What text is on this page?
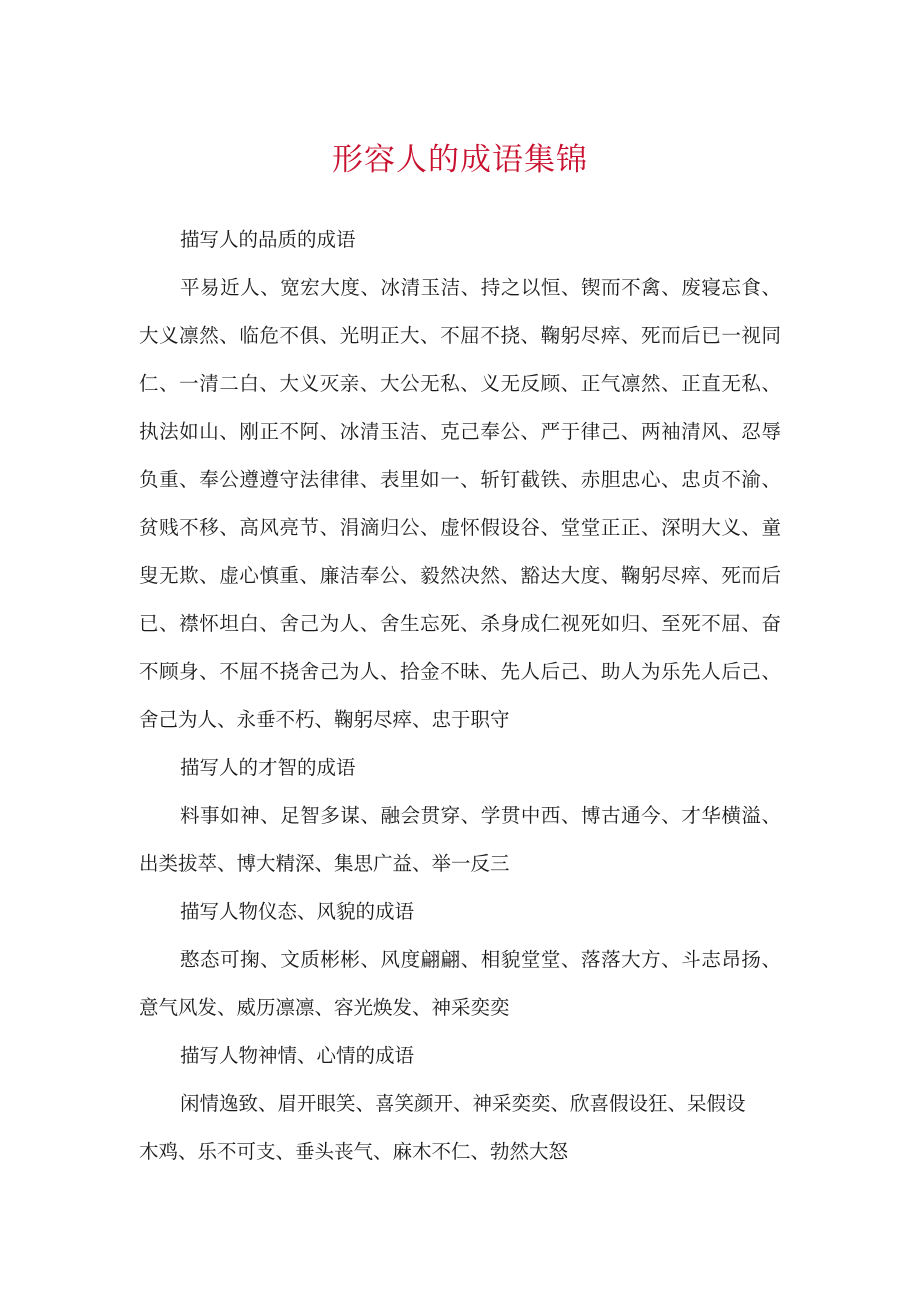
形容人的成语集锦

描写人的品质的成语

平易近人、宽宏大度、冰清玉洁、持之以恒、锲而不禽、废寝忘食、大义凛然、临危不俱、光明正大、不屈不挠、鞠躬尽瘁、死而后已一视同仁、一清二白、大义灭亲、大公无私、义无反顾、正气凛然、正直无私、执法如山、刚正不阿、冰清玉洁、克己奉公、严于律己、两袖清风、忍辱负重、奉公遵遵守法律律、表里如一、斩钉截铁、赤胆忠心、忠贞不渝、贫贱不移、高风亮节、涓滴归公、虚怀假设谷、堂堂正正、深明大义、童叟无欺、虚心慎重、廉洁奉公、毅然决然、豁达大度、鞠躬尽瘁、死而后已、襟怀坦白、舍己为人、舍生忘死、杀身成仁视死如归、至死不屈、奋不顾身、不屈不挠舍己为人、拾金不昧、先人后己、助人为乐先人后己、舍己为人、永垂不朽、鞠躬尽瘁、忠于职守

描写人的才智的成语

料事如神、足智多谋、融会贯穿、学贯中西、博古通今、才华横溢、出类拔萃、博大精深、集思广益、举一反三

描写人物仪态、风貌的成语

憨态可掬、文质彬彬、风度翩翩、相貌堂堂、落落大方、斗志昂扬、意气风发、威历凛凛、容光焕发、神采奕奕

描写人物神情、心情的成语

闲情逸致、眉开眼笑、喜笑颜开、神采奕奕、欣喜假设狂、呆假设木鸡、乐不可支、垂头丧气、麻木不仁、勃然大怒
